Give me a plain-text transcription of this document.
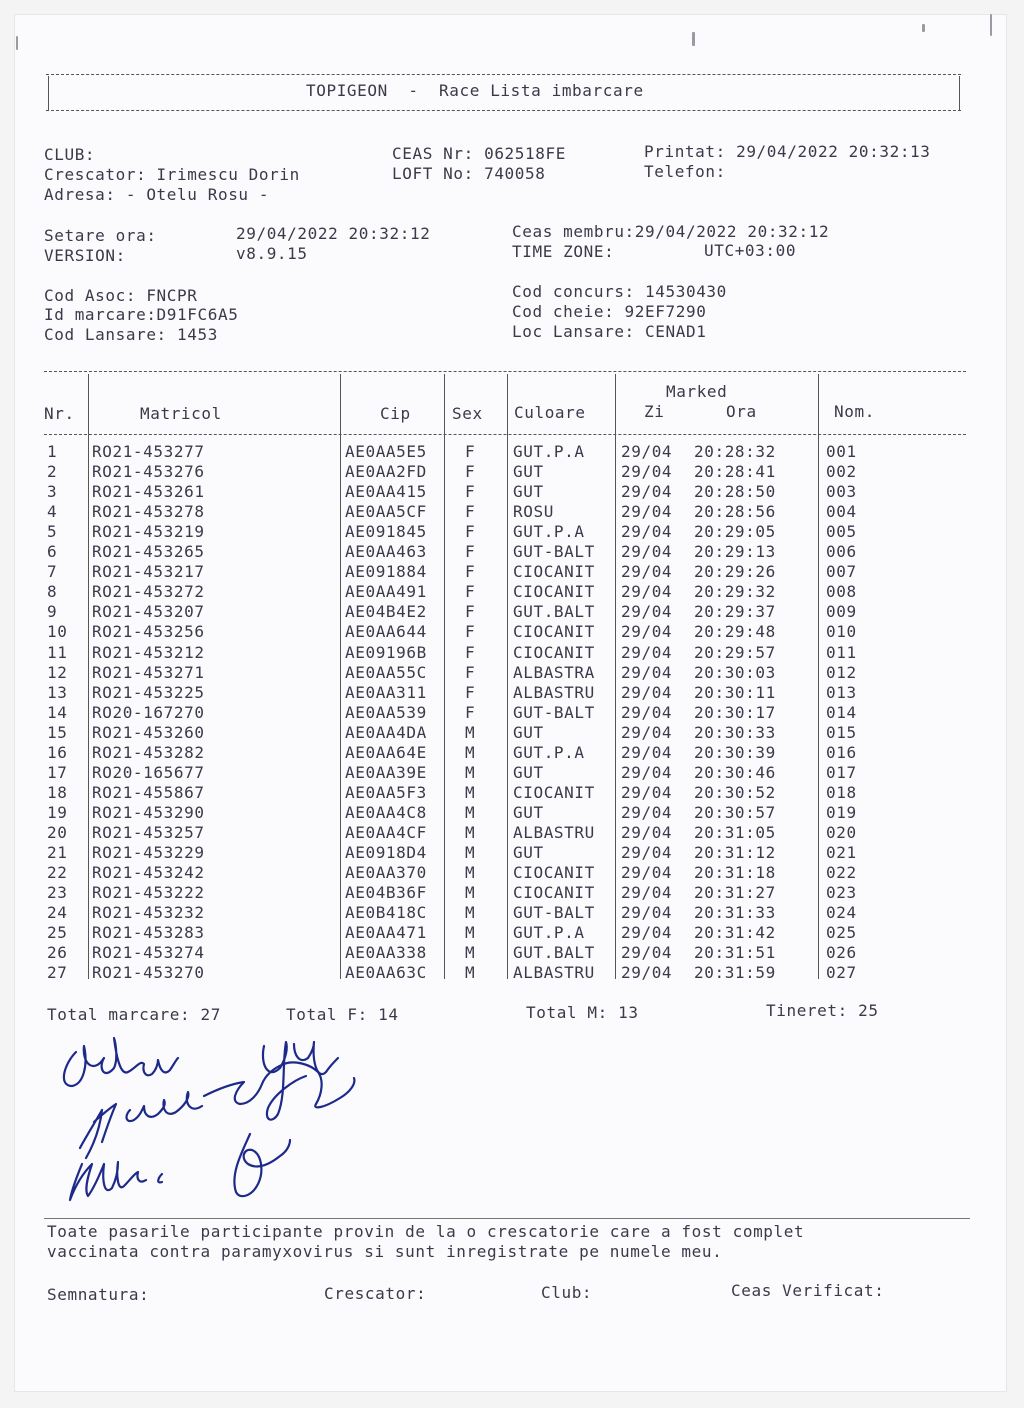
TOPIGEON  -  Race Lista imbarcare
CLUB:
Crescator: Irimescu Dorin
Adresa: - Otelu Rosu -
CEAS Nr: 062518FE
LOFT No: 740058
Printat: 29/04/2022 20:32:13
Telefon:
Setare ora:	29/04/2022 20:32:12
VERSION:	v8.9.15
Ceas membru:29/04/2022 20:32:12
TIME ZONE:	UTC+03:00
Cod Asoc: FNCPR
Id marcare:D91FC6A5
Cod Lansare: 1453
Cod concurs: 14530430
Cod cheie: 92EF7290
Loc Lansare: CENAD1
Marked
Nr.	Matricol	Cip	Sex Culoare	Zi	Ora	Nom.
1 RO21-453277	AE0AA5E5 F GUT.P.A 29/04 20:28:32	001
2 RO21-453276	AE0AA2FD F GUT	29/04 20:28:41	002
3 RO21-453261	AE0AA415 F GUT	29/04 20:28:50	003
4 RO21-453278	AE0AA5CF F ROSU	29/04 20:28:56	004
5 RO21-453219	AE091845 F GUT.P.A 29/04 20:29:05	005
6 RO21-453265	AE0AA463 F GUT-BALT 29/04 20:29:13	006
7 RO21-453217	AE091884 F CIOCANIT 29/04 20:29:26	007
8 RO21-453272	AE0AA491 F CIOCANIT 29/04 20:29:32	008
9 RO21-453207	AE04B4E2 F GUT.BALT 29/04 20:29:37	009
10 RO21-453256	AE0AA644 F CIOCANIT 29/04 20:29:48	010
11 RO21-453212	AE09196B F CIOCANIT 29/04 20:29:57	011
12 RO21-453271	AE0AA55C F ALBASTRA 29/04 20:30:03	012
13 RO21-453225	AE0AA311 F ALBASTRU 29/04 20:30:11	013
14 RO20-167270	AE0AA539 F GUT-BALT 29/04 20:30:17	014
15 RO21-453260	AE0AA4DA M GUT	29/04 20:30:33	015
16 RO21-453282	AE0AA64E M GUT.P.A 29/04 20:30:39	016
17 RO20-165677	AE0AA39E M GUT	29/04 20:30:46	017
18 RO21-455867	AE0AA5F3 M CIOCANIT 29/04 20:30:52	018
19 RO21-453290	AE0AA4C8 M GUT	29/04 20:30:57	019
20 RO21-453257	AE0AA4CF M ALBASTRU 29/04 20:31:05	020
21 RO21-453229	AE0918D4 M GUT	29/04 20:31:12	021
22 RO21-453242	AE0AA370 M CIOCANIT 29/04 20:31:18	022
23 RO21-453222	AE04B36F M CIOCANIT 29/04 20:31:27	023
24 RO21-453232	AE0B418C M GUT-BALT 29/04 20:31:33	024
25 RO21-453283	AE0AA471 M GUT.P.A 29/04 20:31:42	025
26 RO21-453274	AE0AA338 M GUT.BALT 29/04 20:31:51	026
27 RO21-453270	AE0AA63C M ALBASTRU 29/04 20:31:59	027
Total marcare: 27	Total F: 14	Total M: 13	Tineret: 25
Toate pasarile participante provin de la o crescatorie care a fost complet
vaccinata contra paramyxovirus si sunt inregistrate pe numele meu.
Semnatura:	Crescator:	Club:	Ceas Verificat:
